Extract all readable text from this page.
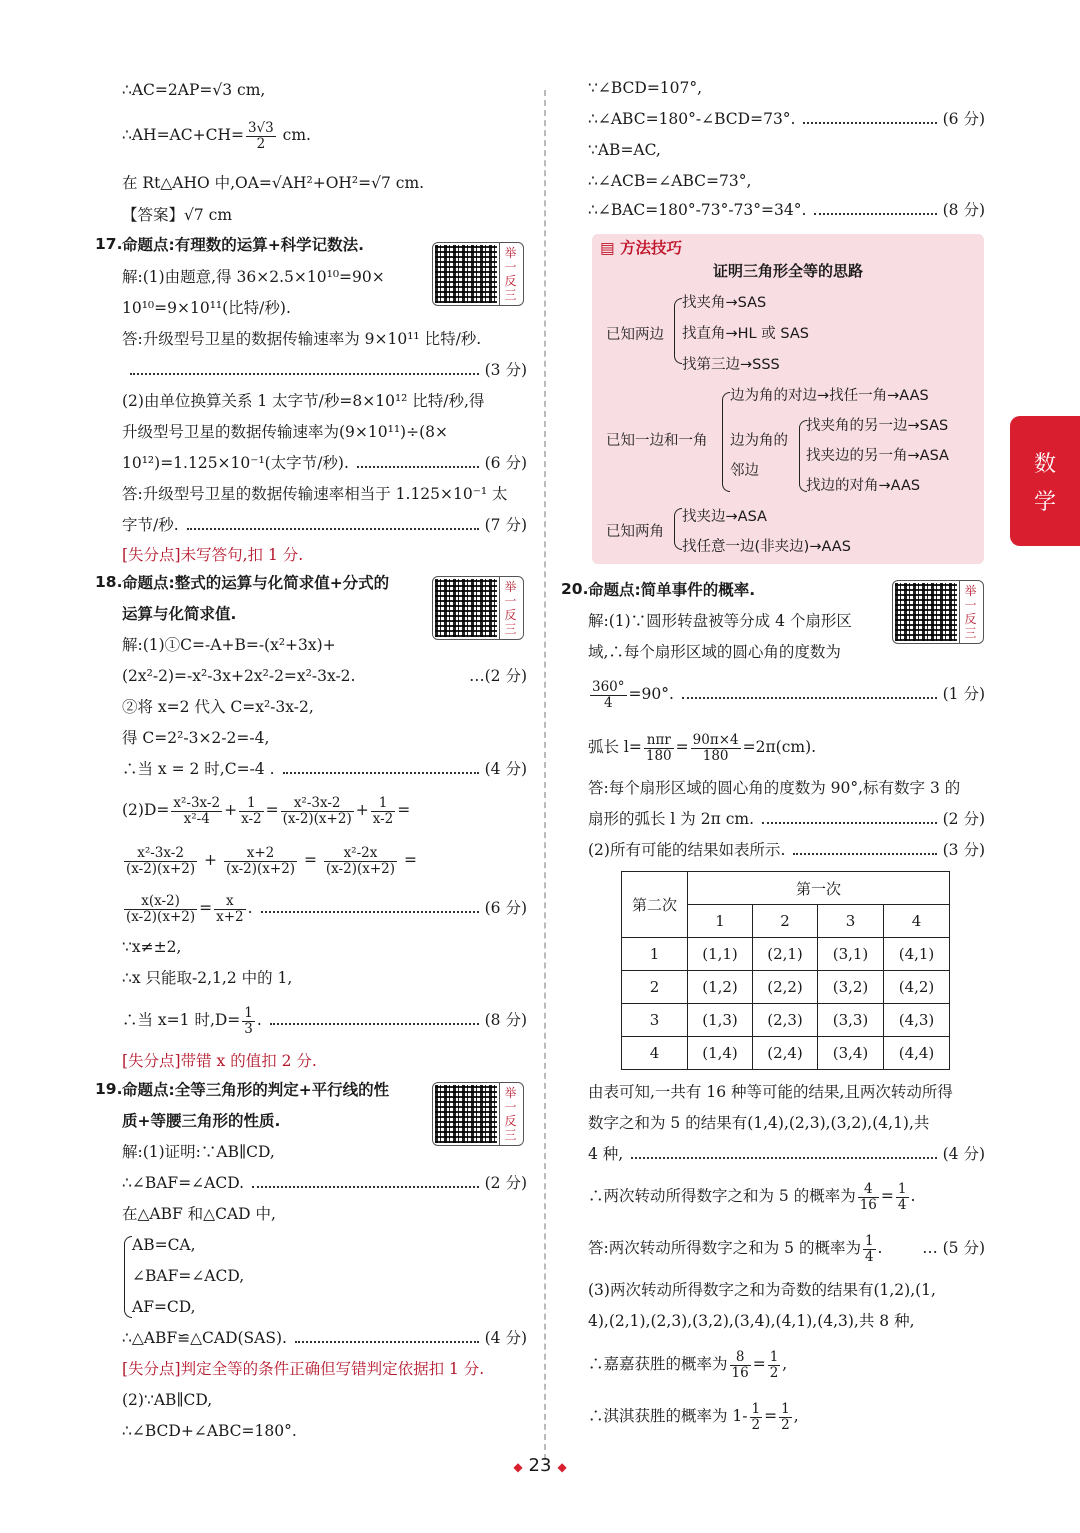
∴AC=2AP=√3 cm,
∴AH=AC+CH= $\frac{3√3}{2}$ cm.
在 Rt△AHO 中,OA=√AH²+OH²=√7 cm.
【答案】√7 cm
17. 命题点:有理数的运算+科学记数法.
解:(1)由题意,得 36×2.5×10¹⁰=90×
10¹⁰=9×10¹¹(比特/秒).
答:升级型号卫星的数据传输速率为 9×10¹¹ 比特/秒.
(3 分)
(2)由单位换算关系 1 太字节/秒=8×10¹² 比特/秒,得
升级型号卫星的数据传输速率为(9×10¹¹)÷(8×
10¹²)=1.125×10⁻¹(太字节/秒).	(6 分)
答:升级型号卫星的数据传输速率相当于 1.125×10⁻¹ 太
字节/秒.	(7 分)
[失分点]未写答句,扣 1 分.
18. 命题点:整式的运算与化简求值+分式的
运算与化简求值.
解:(1)①C=-A+B=-(x²+3x)+
(2x²-2)=-x²-3x+2x²-2=x²-3x-2.	…(2 分)
②将 x=2 代入 C=x²-3x-2,
得 C=2²-3×2-2=-4,
∴当 x = 2 时,C=-4 .	(4 分)
$(2)D= \frac{\text{x²-3x-2}}{\text{x²-4}} + \frac{1}{x-2} = \frac{\text{x²-3x-2}}{(x-2)(x+2)} + \frac{1}{x-2}$ =
$\frac{\text{x²-3x-2}}{(x-2)(x+2)} + \frac{x+2}{(x-2)(x+2)} = \frac{\text{x²-2x}}{(x-2)(x+2)}$ =
$\frac{x(x-2)}{(x-2)(x+2)} = \frac{x}{x+2}$ .	(6 分)
∵x≠±2,
∴x 只能取-2,1,2 中的 1,
∴当 x=1 时$,D= \frac{1}{3}$ .	(8 分)
[失分点]带错 x 的值扣 2 分.
19. 命题点:全等三角形的判定+平行线的性
质+等腰三角形的性质.
解:(1)证明:∵AB∥CD,
∴∠BAF=∠ACD.	(2 分)
在△ABF 和△CAD 中,
AB=CA,
∠BAF=∠ACD,
AF=CD,
∴△ABF≌△CAD(SAS).	(4 分)
[失分点]判定全等的条件正确但写错判定依据扣 1 分.
(2)∵AB∥CD,
∴∠BCD+∠ABC=180°.
举
一
反
三
举
一
反
三
举
一
反
三
举
一
反
三
∵∠BCD=107°,
∴∠ABC=180°-∠BCD=73°.	(6 分)
∵AB=AC,
∴∠ACB=∠ABC=73°,
∴∠BAC=180°-73°-73°=34°.	(8 分)
▤ 方法技巧
证明三角形全等的思路
已知两边
找夹角→SAS
找直角→HL 或 SAS
找第三边→SSS
已知一边和一角
边为角的对边→找任一角→AAS
边为角的
邻边
找夹角的另一边→SAS
找夹边的另一角→ASA
找边的对角→AAS
已知两角
找夹边→ASA
找任意一边(非夹边)→AAS
20. 命题点:简单事件的概率.
解:(1)∵圆形转盘被等分成 4 个扇形区
域,∴每个扇形区域的圆心角的度数为
$\frac{360^\circ}{4} =90^\circ$.	(1 分)
弧长 $l= \frac{\text{nπr}}{180} = \frac{90\pi\times 4}{180} =2\pi(cm)$.
答:每个扇形区域的圆心角的度数为 90°,标有数字 3 的
扇形的弧长 l 为 2π cm.	(2 分)
(2)所有可能的结果如表所示.	(3 分)
由表可知,一共有 16 种等可能的结果,且两次转动所得
数字之和为 5 的结果有(1,4),(2,3),(3,2),(4,1),共
4 种,	(4 分)
∴两次转动所得数字之和为 5 的概率为 $\frac{4}{16} = \frac{1}{4}$ .
答:两次转动所得数字之和为 5 的概率为 $\frac{1}{4}$ .	… (5 分)
(3)两次转动所得数字之和为奇数的结果有(1,2),(1,
4),(2,1),(2,3),(3,2),(3,4),(4,1),(4,3),共 8 种,
∴嘉嘉获胜的概率为 $\frac{8}{16} = \frac{1}{2}$ ,
∴淇淇获胜的概率为 $1- \frac{1}{2} = \frac{1}{2}$ ,
第二次	第一次			
	1	2	3	4
1	(1,1)	(2,1)	(3,1)	(4,1)
2	(1,2)	(2,2)	(3,2)	(4,2)
3	(1,3)	(2,3)	(3,3)	(4,3)
4	(1,4)	(2,4)	(3,4)	(4,4)
数
学
◆ 23 ◆
